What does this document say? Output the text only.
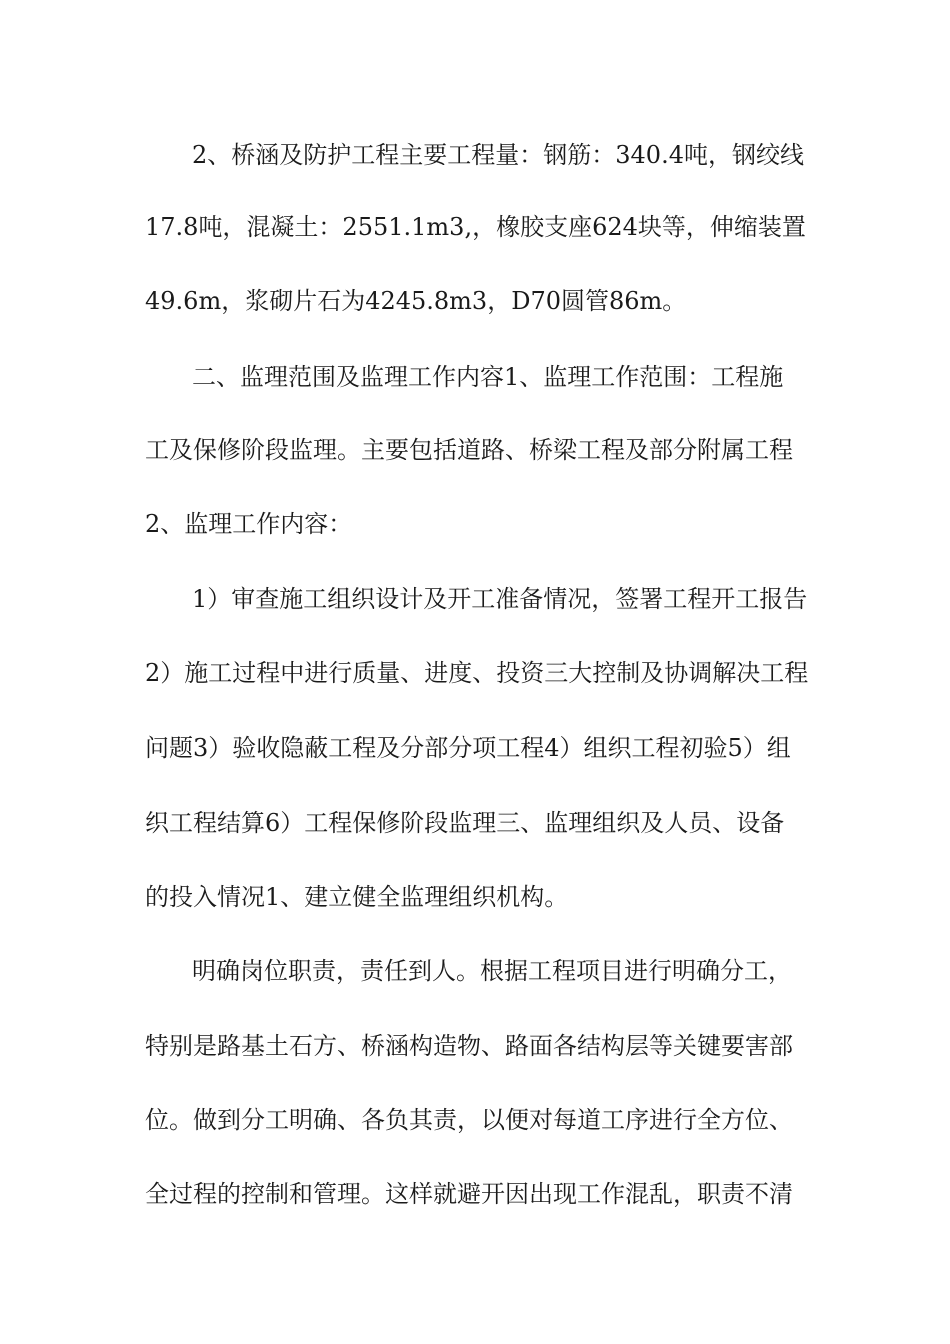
2、桥涵及防护工程主要工程量：钢筋：340.4吨，钢绞线
17.8吨，混凝土：2551.1m3,，橡胶支座624块等，伸缩装置
49.6m，浆砌片石为4245.8m3，D70圆管86m。
二、监理范围及监理工作内容1、监理工作范围：工程施
工及保修阶段监理。主要包括道路、桥梁工程及部分附属工程
2、监理工作内容：
1）审查施工组织设计及开工准备情况，签署工程开工报告
2）施工过程中进行质量、进度、投资三大控制及协调解决工程
问题3）验收隐蔽工程及分部分项工程4）组织工程初验5）组
织工程结算6）工程保修阶段监理三、监理组织及人员、设备
的投入情况1、建立健全监理组织机构。
明确岗位职责，责任到人。根据工程项目进行明确分工，
特别是路基土石方、桥涵构造物、路面各结构层等关键要害部
位。做到分工明确、各负其责，以便对每道工序进行全方位、
全过程的控制和管理。这样就避开因出现工作混乱，职责不清
